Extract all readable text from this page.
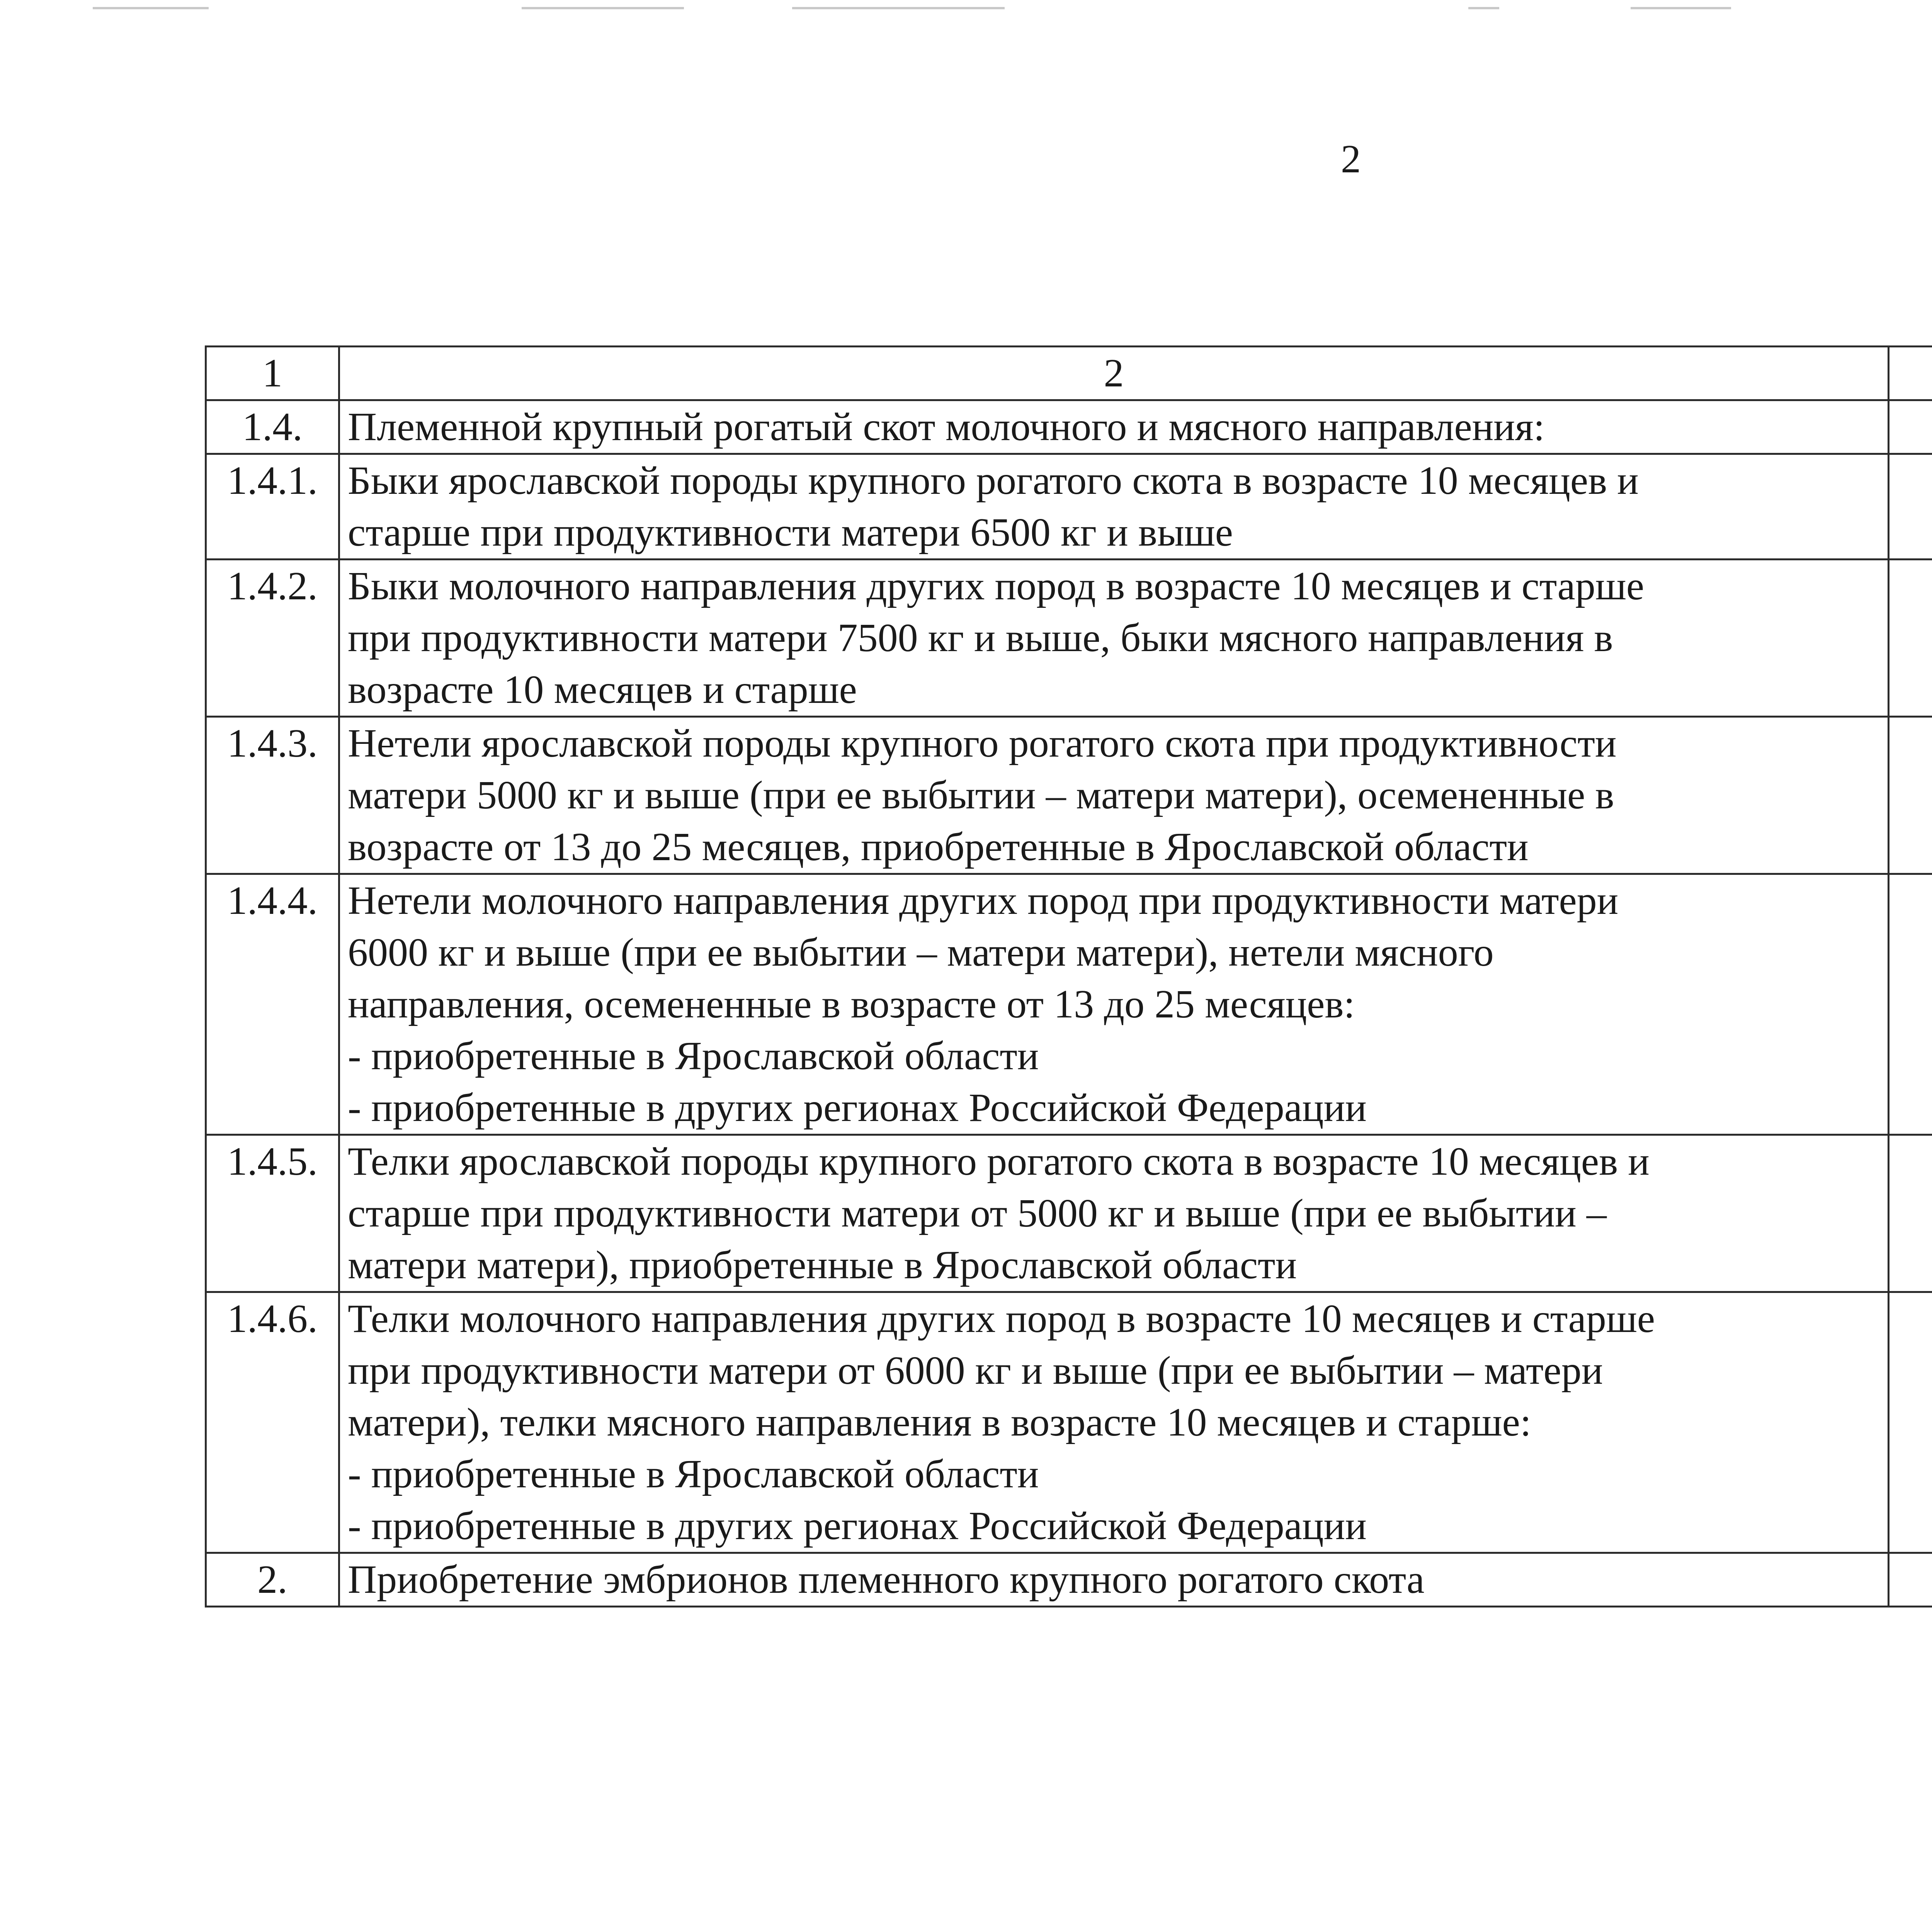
2
1	2		
1.4.	Племенной крупный рогатый скот молочного и мясного направления:		

1.4.1.	Быки ярославской породы крупного рогатого скота в возрасте 10 месяцев и
старше при продуктивности матери 6500 кг и выше

1.4.2.	Быки молочного направления других пород в возрасте 10 месяцев и старше
при продуктивности матери 7500 кг и выше, быки мясного направления в
возрасте 10 месяцев и старше

1.4.3.	Нетели ярославской породы крупного рогатого скота при продуктивности
матери 5000 кг и выше (при ее выбытии – матери матери), осемененные в
возрасте от 13 до 25 месяцев, приобретенные в Ярославской области

1.4.4.	Нетели молочного направления других пород при продуктивности матери
6000 кг и выше (при ее выбытии – матери матери), нетели мясного
направления, осемененные в возрасте от 13 до 25 месяцев:
- приобретенные в Ярославской области
- приобретенные в других регионах Российской Федерации

1.4.5.	Телки ярославской породы крупного рогатого скота в возрасте 10 месяцев и
старше при продуктивности матери от 5000 кг и выше (при ее выбытии –
матери матери), приобретенные в Ярославской области

1.4.6.	Телки молочного направления других пород в возрасте 10 месяцев и старше
при продуктивности матери от 6000 кг и выше (при ее выбытии – матери
матери), телки мясного направления в возрасте 10 месяцев и старше:
- приобретенные в Ярославской области
- приобретенные в других регионах Российской Федерации

2.	Приобретение эмбрионов племенного крупного рогатого скота
